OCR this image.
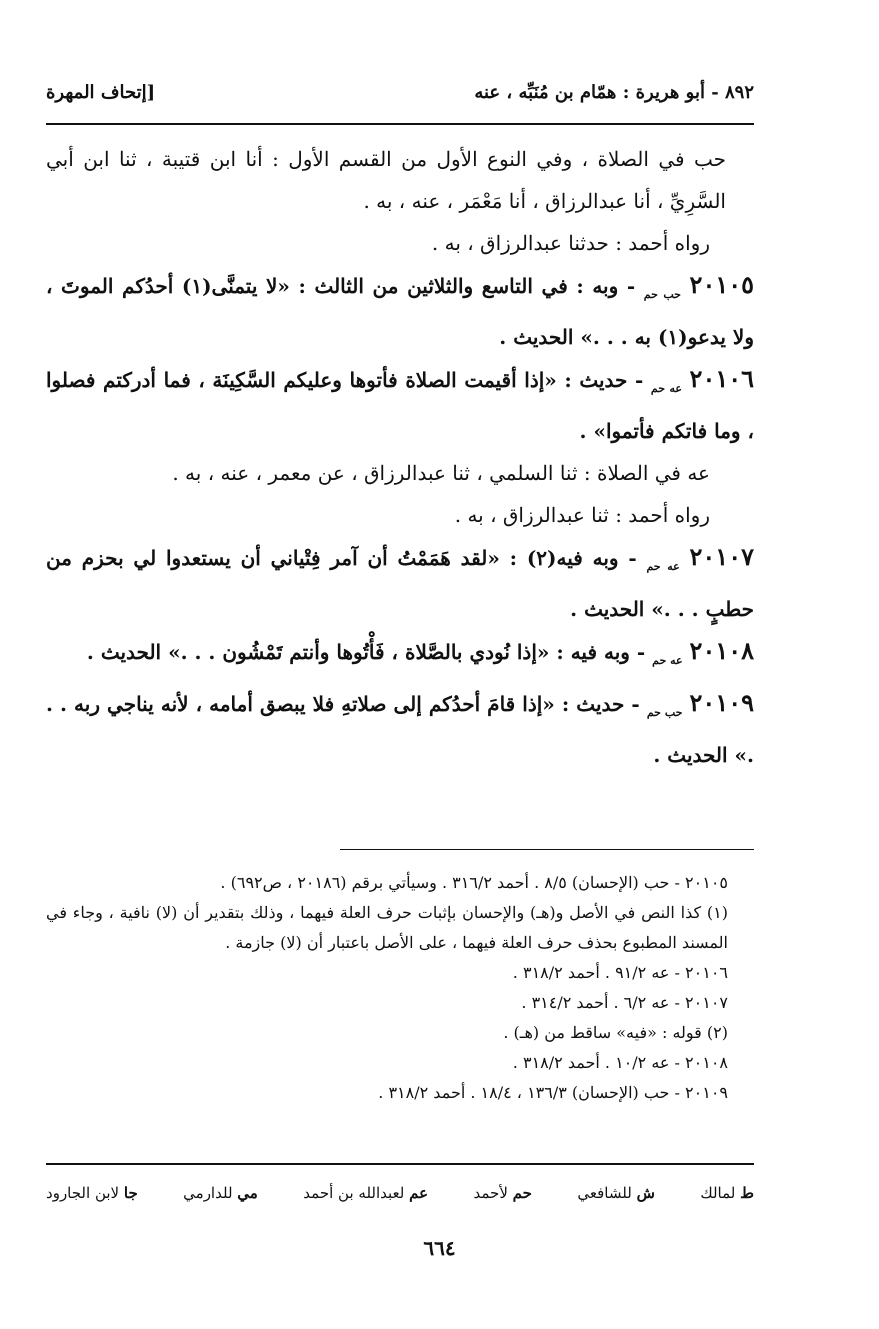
٨٩٢ - أبو هريرة : همّام بن مُنَبِّه ، عنه
[إتحاف المهرة

حب في الصلاة ، وفي النوع الأول من القسم الأول : أنا ابن قتيبة ، ثنا ابن أبي السَّرِيِّ ، أنا عبدالرزاق ، أنا مَعْمَر ، عنه ، به .

رواه أحمد : حدثنا عبدالرزاق ، به .

٢٠١٠٥ $_{حب حم}$ - وبه : في التاسع والثلاثين من الثالث : «لا يتمنَّى(١) أحدُكم الموتَ ، ولا يدعو(١) به . . .» الحديث .

٢٠١٠٦ $_{عه حم}$ - حديث : «إذا أقيمت الصلاة فأتوها وعليكم السَّكِينَة ، فما أدركتم فصلوا ، وما فاتكم فأتموا» .

عه في الصلاة : ثنا السلمي ، ثنا عبدالرزاق ، عن معمر ، عنه ، به .

رواه أحمد : ثنا عبدالرزاق ، به .

٢٠١٠٧ $_{عه حم}$ - وبه فيه(٢) : «لقد هَمَمْتُ أن آمر فِتْياني أن يستعدوا لي بحزم من حطبٍ . . .» الحديث .

٢٠١٠٨ $_{عه حم}$ - وبه فيه : «إذا نُودي بالصَّلاة ، فَأْتُوها وأنتم تَمْشُون . . .» الحديث .

٢٠١٠٩ $_{حب حم}$ - حديث : «إذا قامَ أحدُكم إلى صلاتهِ فلا يبصق أمامه ، لأنه يناجي ربه . . .» الحديث .

٢٠١٠٥ - حب (الإحسان) ٨/٥ . أحمد ٣١٦/٢ . وسيأتي برقم (٢٠١٨٦ ، ص٦٩٢) .

(١) كذا النص في الأصل و(هـ) والإحسان بإثبات حرف العلة فيهما ، وذلك بتقدير أن (لا) نافية ، وجاء في المسند المطبوع بحذف حرف العلة فيهما ، على الأصل باعتبار أن (لا) جازمة .

٢٠١٠٦ - عه ٩١/٢ . أحمد ٣١٨/٢ .

٢٠١٠٧ - عه ٦/٢ . أحمد ٣١٤/٢ .

(٢) قوله : «فيه» ساقط من (هـ) .

٢٠١٠٨ - عه ١٠/٢ . أحمد ٣١٨/٢ .

٢٠١٠٩ - حب (الإحسان) ١٣٦/٣ ، ١٨/٤ . أحمد ٣١٨/٢ .

ط لمالك
ش للشافعي
حم لأحمد
عم لعبدالله بن أحمد
مي للدارمي
جا لابن الجارود
٦٦٤
